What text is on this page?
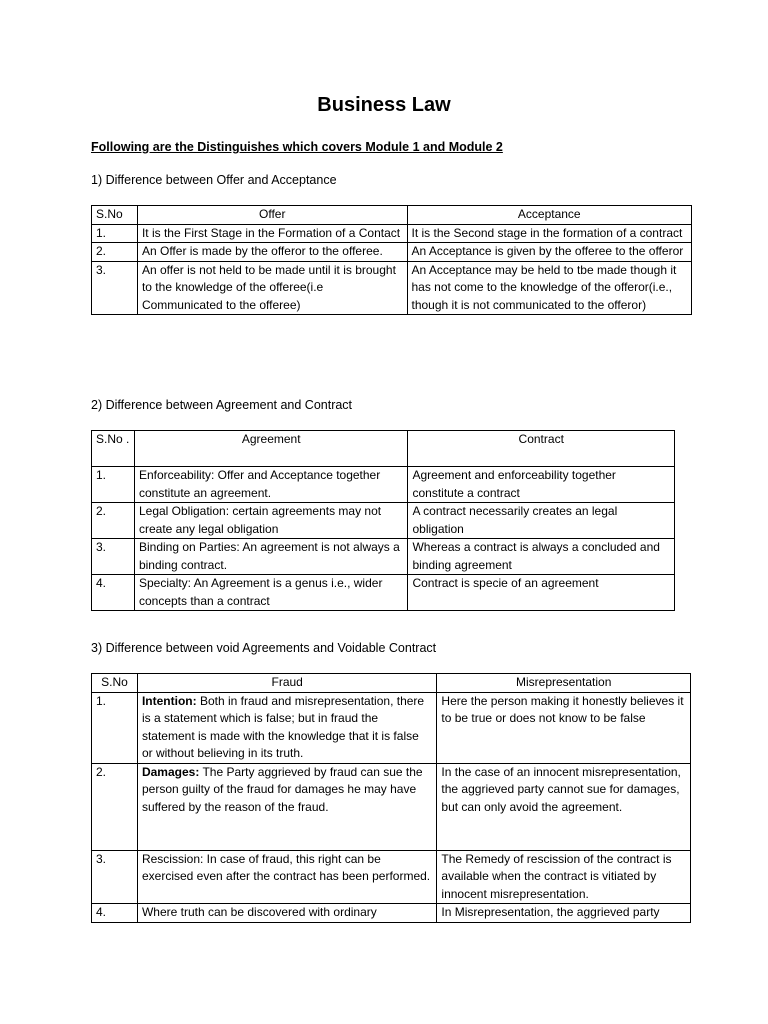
Business Law
Following are the Distinguishes which covers Module 1 and Module 2
1) Difference between Offer and Acceptance
S.No	Offer	Acceptance
1.	It is the First Stage in the Formation of a Contact	It is the Second stage in the formation of a contract
2.	An Offer is made by the offeror to the offeree.	An Acceptance is given by the offeree to the offeror
3.	An offer is not held to be made until it is brought to the knowledge of the offeree(i.e Communicated to the offeree)	An Acceptance may be held to tbe made though it has not come to the knowledge of the offeror(i.e., though it is not communicated to the offeror)
2) Difference between Agreement and Contract
S.No .	Agreement	Contract
1.	Enforceability: Offer and Acceptance together constitute an agreement.	Agreement and enforceability together constitute a contract
2.	Legal Obligation: certain agreements may not create any legal obligation	A contract necessarily creates an legal obligation
3.	Binding on Parties: An agreement is not always a binding contract.	Whereas a contract is always a concluded and binding agreement
4.	Specialty: An Agreement is a genus i.e., wider concepts than a contract	Contract is specie of an agreement
3) Difference between void Agreements and Voidable Contract
S.No	Fraud	Misrepresentation
1.	Intention: Both in fraud and misrepresentation, there is a statement which is false; but in fraud the statement is made with the knowledge that it is false or without believing in its truth.	Here the person making it honestly believes it to be true or does not know to be false
2.	Damages: The Party aggrieved by fraud can sue the person guilty of the fraud for damages he may have suffered by the reason of the fraud.	In the case of an innocent misrepresentation, the aggrieved party cannot sue for damages, but can only avoid the agreement.
3.	Rescission: In case of fraud, this right can be exercised even after the contract has been performed.	The Remedy of rescission of the contract is available when the contract is vitiated by innocent misrepresentation.
4.	Where truth can be discovered with ordinary	In Misrepresentation, the aggrieved party
